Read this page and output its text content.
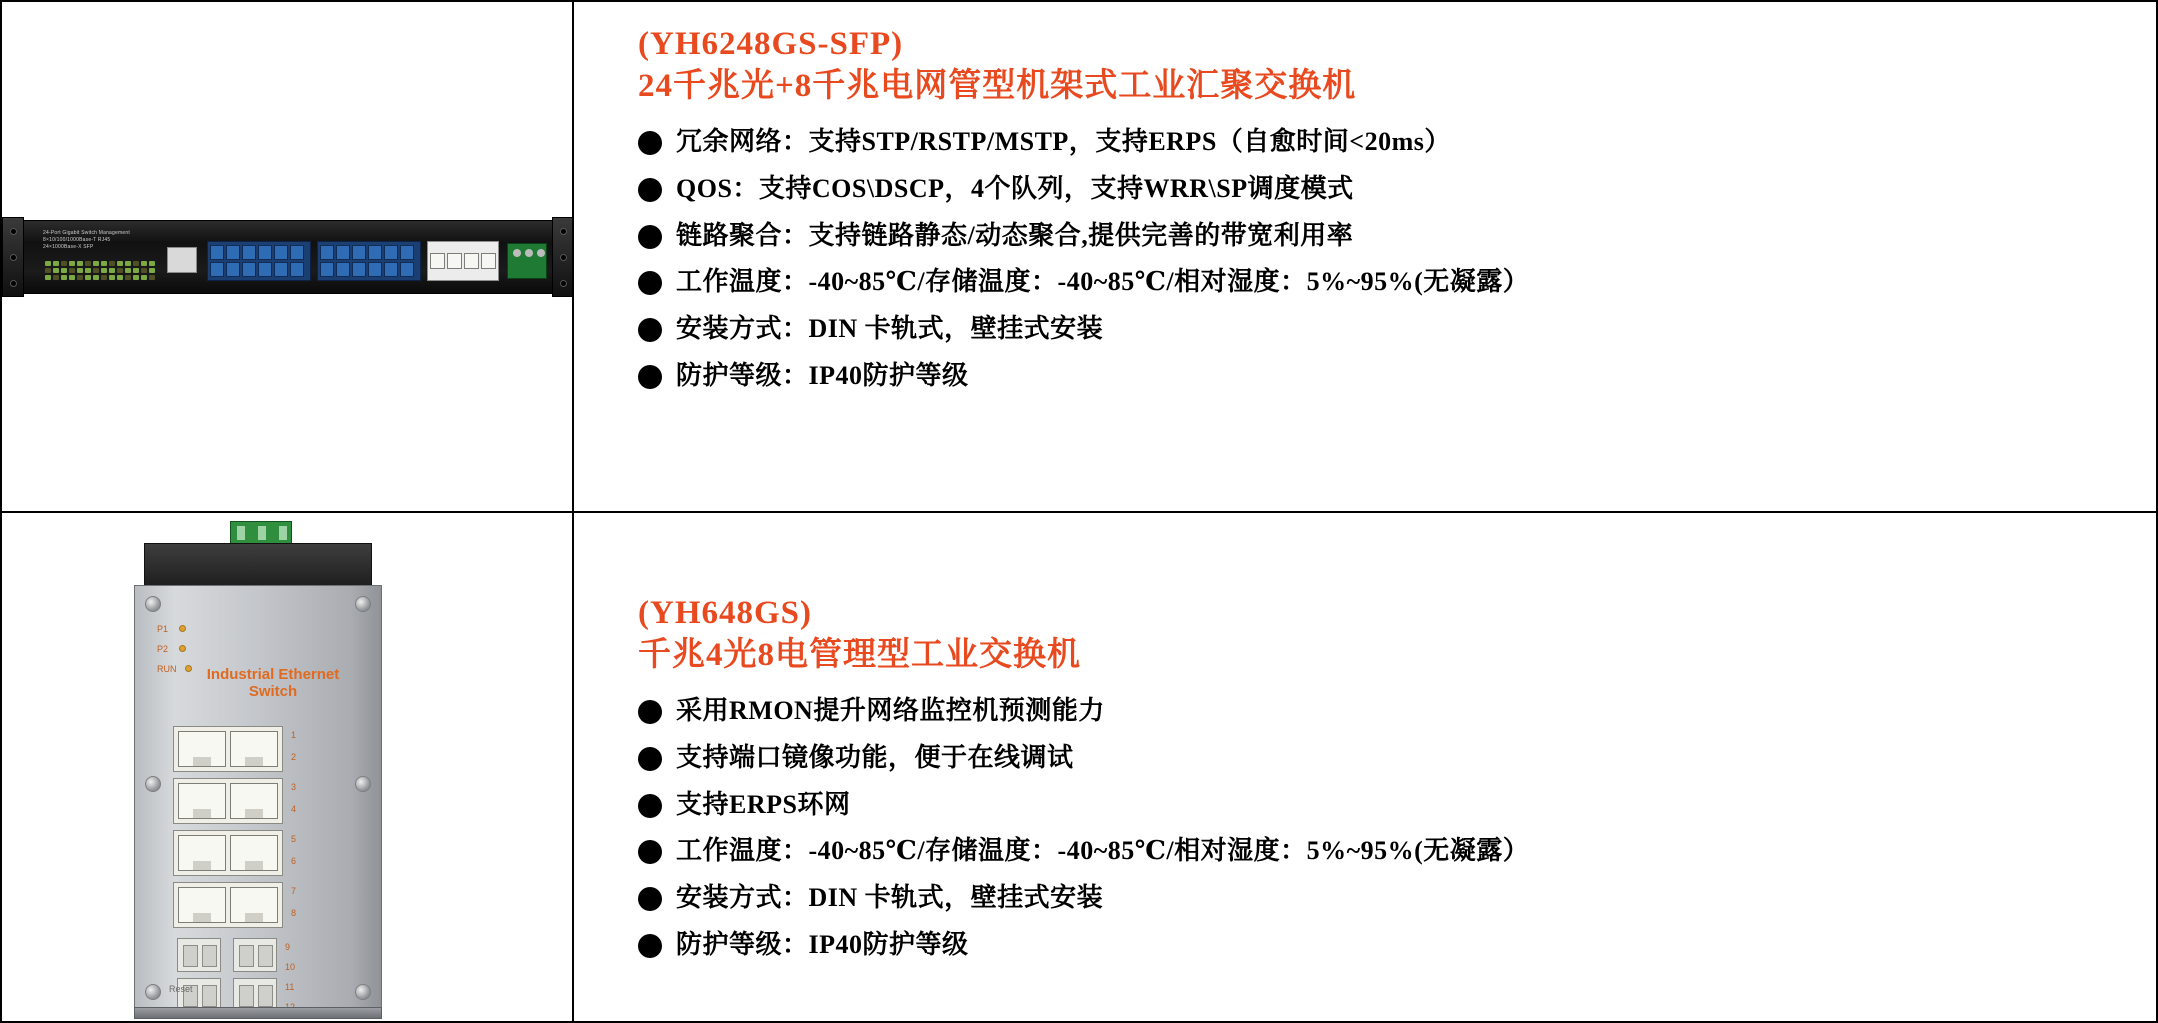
24-Port Gigabit Switch Management
8×10/100/1000Base-T RJ45
24×1000Base-X SFP
(YH6248GS-SFP)
24千兆光+8千兆电网管型机架式工业汇聚交换机
冗余网络：支持STP/RSTP/MSTP，支持ERPS（自愈时间<20ms）
QOS：支持COS\DSCP，4个队列，支持WRR\SP调度模式
链路聚合：支持链路静态/动态聚合,提供完善的带宽利用率
工作温度：-40~85℃/存储温度：-40~85℃/相对湿度：5%~95%(无凝露）
安装方式：DIN 卡轨式，壁挂式安装
防护等级：IP40防护等级
P1
P2
RUN	Industrial Ethernet Switch
1
2
3
4
5
6
7
8
9
10
11
Reset
(YH648GS)
千兆4光8电管理型工业交换机
采用RMON提升网络监控机预测能力
支持端口镜像功能，便于在线调试
支持ERPS环网
工作温度：-40~85℃/存储温度：-40~85℃/相对湿度：5%~95%(无凝露）
安装方式：DIN 卡轨式，壁挂式安装
防护等级：IP40防护等级
